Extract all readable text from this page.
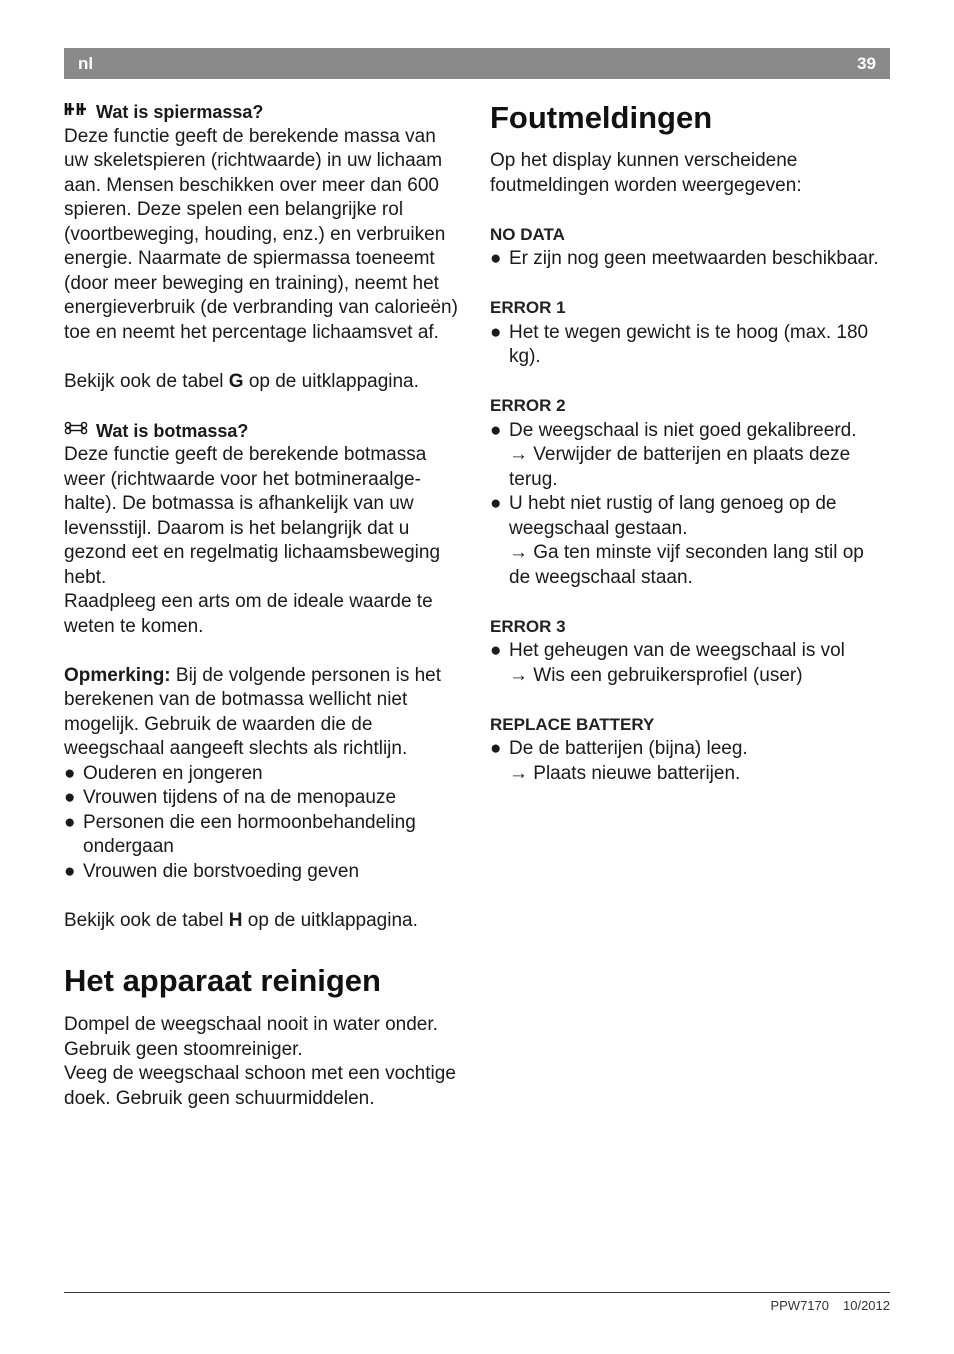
nl	39
Wat is spiermassa?

Deze functie geeft de berekende massa van uw skeletspieren (richtwaarde) in uw lichaam aan. Mensen beschikken over meer dan 600 spieren. Deze spelen een belangrijke rol (voortbeweging, houding, enz.) en verbruiken energie. Naarmate de spiermassa toeneemt (door meer beweging en training), neemt het energieverbruik (de verbranding van calorieën) toe en neemt het percentage lichaamsvet af.

Bekijk ook de tabel G op de uitklappagina.

Wat is botmassa?

Deze functie geeft de berekende botmassa weer (richtwaarde voor het botmineraalgehalte). De botmassa is afhankelijk van uw levensstijl. Daarom is het belangrijk dat u gezond eet en regelmatig lichaamsbeweging hebt.

Raadpleeg een arts om de ideale waarde te weten te komen.

Opmerking: Bij de volgende personen is het berekenen van de botmassa wellicht niet mogelijk. Gebruik de waarden die de weegschaal aangeeft slechts als richtlijn.

● Ouderen en jongeren
● Vrouwen tijdens of na de menopauze
● Personen die een hormoonbehandeling ondergaan
● Vrouwen die borstvoeding geven

Bekijk ook de tabel H op de uitklappagina.

Het apparaat reinigen

Dompel de weegschaal nooit in water onder.

Gebruik geen stoomreiniger.

Veeg de weegschaal schoon met een vochtige doek. Gebruik geen schuurmiddelen.

Foutmeldingen

Op het display kunnen verscheidene foutmeldingen worden weergegeven:

NO DATA

● Er zijn nog geen meetwaarden beschikbaar.

ERROR 1

● Het te wegen gewicht is te hoog (max. 180 kg).

ERROR 2

● De weegschaal is niet goed gekalibreerd.
→ Verwijder de batterijen en plaats deze terug.
● U hebt niet rustig of lang genoeg op de weegschaal gestaan.
→ Ga ten minste vijf seconden lang stil op de weegschaal staan.

ERROR 3

● Het geheugen van de weegschaal is vol
→ Wis een gebruikersprofiel (user)

REPLACE BATTERY

● De de batterijen (bijna) leeg.
→ Plaats nieuwe batterijen.
PPW7170 10/2012
